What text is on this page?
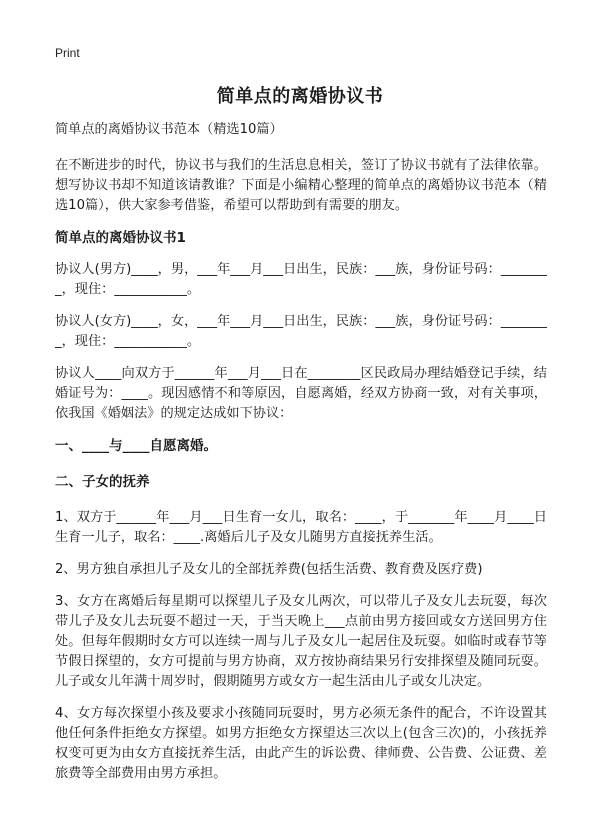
Print
简单点的离婚协议书

简单点的离婚协议书范本（精选10篇）

在不断进步的时代，协议书与我们的生活息息相关，签订了协议书就有了法律依靠。想写协议书却不知道该请教谁？下面是小编精心整理的简单点的离婚协议书范本（精选10篇），供大家参考借鉴，希望可以帮助到有需要的朋友。

简单点的离婚协议书1

协议人(男方)____，男，___年___月___日出生，民族：___族，身份证号码：________，现住：___________。

协议人(女方)____，女，___年___月___日出生，民族：___族，身份证号码：________，现住：___________。

协议人____向双方于______年___月___日在________区民政局办理结婚登记手续，结婚证号为：____。现因感情不和等原因，自愿离婚，经双方协商一致，对有关事项，依我国《婚姻法》的规定达成如下协议：

一、____与____自愿离婚。

二、子女的抚养

1、双方于______年___月___日生育一女儿，取名：____，于_______年____月____日生育一儿子，取名：____.离婚后儿子及女儿随男方直接抚养生活。

2、男方独自承担儿子及女儿的全部抚养费(包括生活费、教育费及医疗费)

3、女方在离婚后每星期可以探望儿子及女儿两次，可以带儿子及女儿去玩耍，每次带儿子及女儿去玩耍不超过一天，于当天晚上___点前由男方接回或女方送回男方住处。但每年假期时女方可以连续一周与儿子及女儿一起居住及玩耍。如临时或春节等节假日探望的，女方可提前与男方协商，双方按协商结果另行安排探望及随同玩耍。儿子或女儿年满十周岁时，假期随男方或女方一起生活由儿子或女儿决定。

4、女方每次探望小孩及要求小孩随同玩耍时，男方必须无条件的配合，不许设置其他任何条件拒绝女方探望。如男方拒绝女方探望达三次以上(包含三次)的，小孩抚养权变可更为由女方直接抚养生活，由此产生的诉讼费、律师费、公告费、公证费、差旅费等全部费用由男方承担。
